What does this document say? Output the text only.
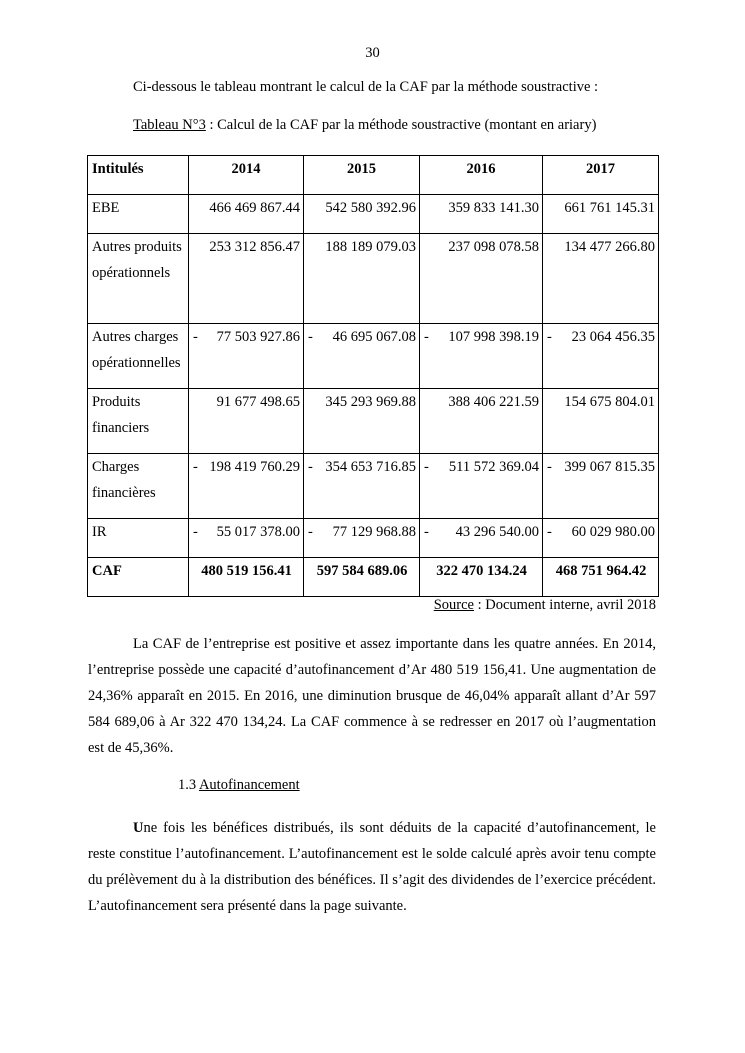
30
Ci-dessous le tableau montrant le calcul de la CAF par la méthode soustractive :
Tableau N°3 : Calcul de la CAF par la méthode soustractive (montant en ariary)
Intitulés	2014	2015	2016	2017
EBE	466 469 867.44	542 580 392.96	359 833 141.30	661 761 145.31
Autres produits opérationnels	253 312 856.47	188 189 079.03	237 098 078.58	134 477 266.80
Autres charges opérationnelles	- 77 503 927.86	- 46 695 067.08	- 107 998 398.19	- 23 064 456.35
Produits financiers	91 677 498.65	345 293 969.88	388 406 221.59	154 675 804.01
Charges financières	- 198 419 760.29	- 354 653 716.85	- 511 572 369.04	- 399 067 815.35
IR	- 55 017 378.00	- 77 129 968.88	- 43 296 540.00	- 60 029 980.00
CAF	480 519 156.41	597 584 689.06	322 470 134.24	468 751 964.42
Source : Document interne, avril 2018
La CAF de l’entreprise est positive et assez importante dans les quatre années. En 2014, l’entreprise possède une capacité d’autofinancement d’Ar 480 519 156,41. Une augmentation de 24,36% apparaît en 2015. En 2016, une diminution brusque de 46,04% apparaît allant d’Ar 597 584 689,06 à Ar 322 470 134,24. La CAF commence à se redresser en 2017 où l’augmentation est de 45,36%.
1.3 Autofinancement
Une fois les bénéfices distribués, ils sont déduits de la capacité d’autofinancement, le reste constitue l’autofinancement. L’autofinancement est le solde calculé après avoir tenu compte du prélèvement du à la distribution des bénéfices. Il s’agit des dividendes de l’exercice précédent. L’autofinancement sera présenté dans la page suivante.
